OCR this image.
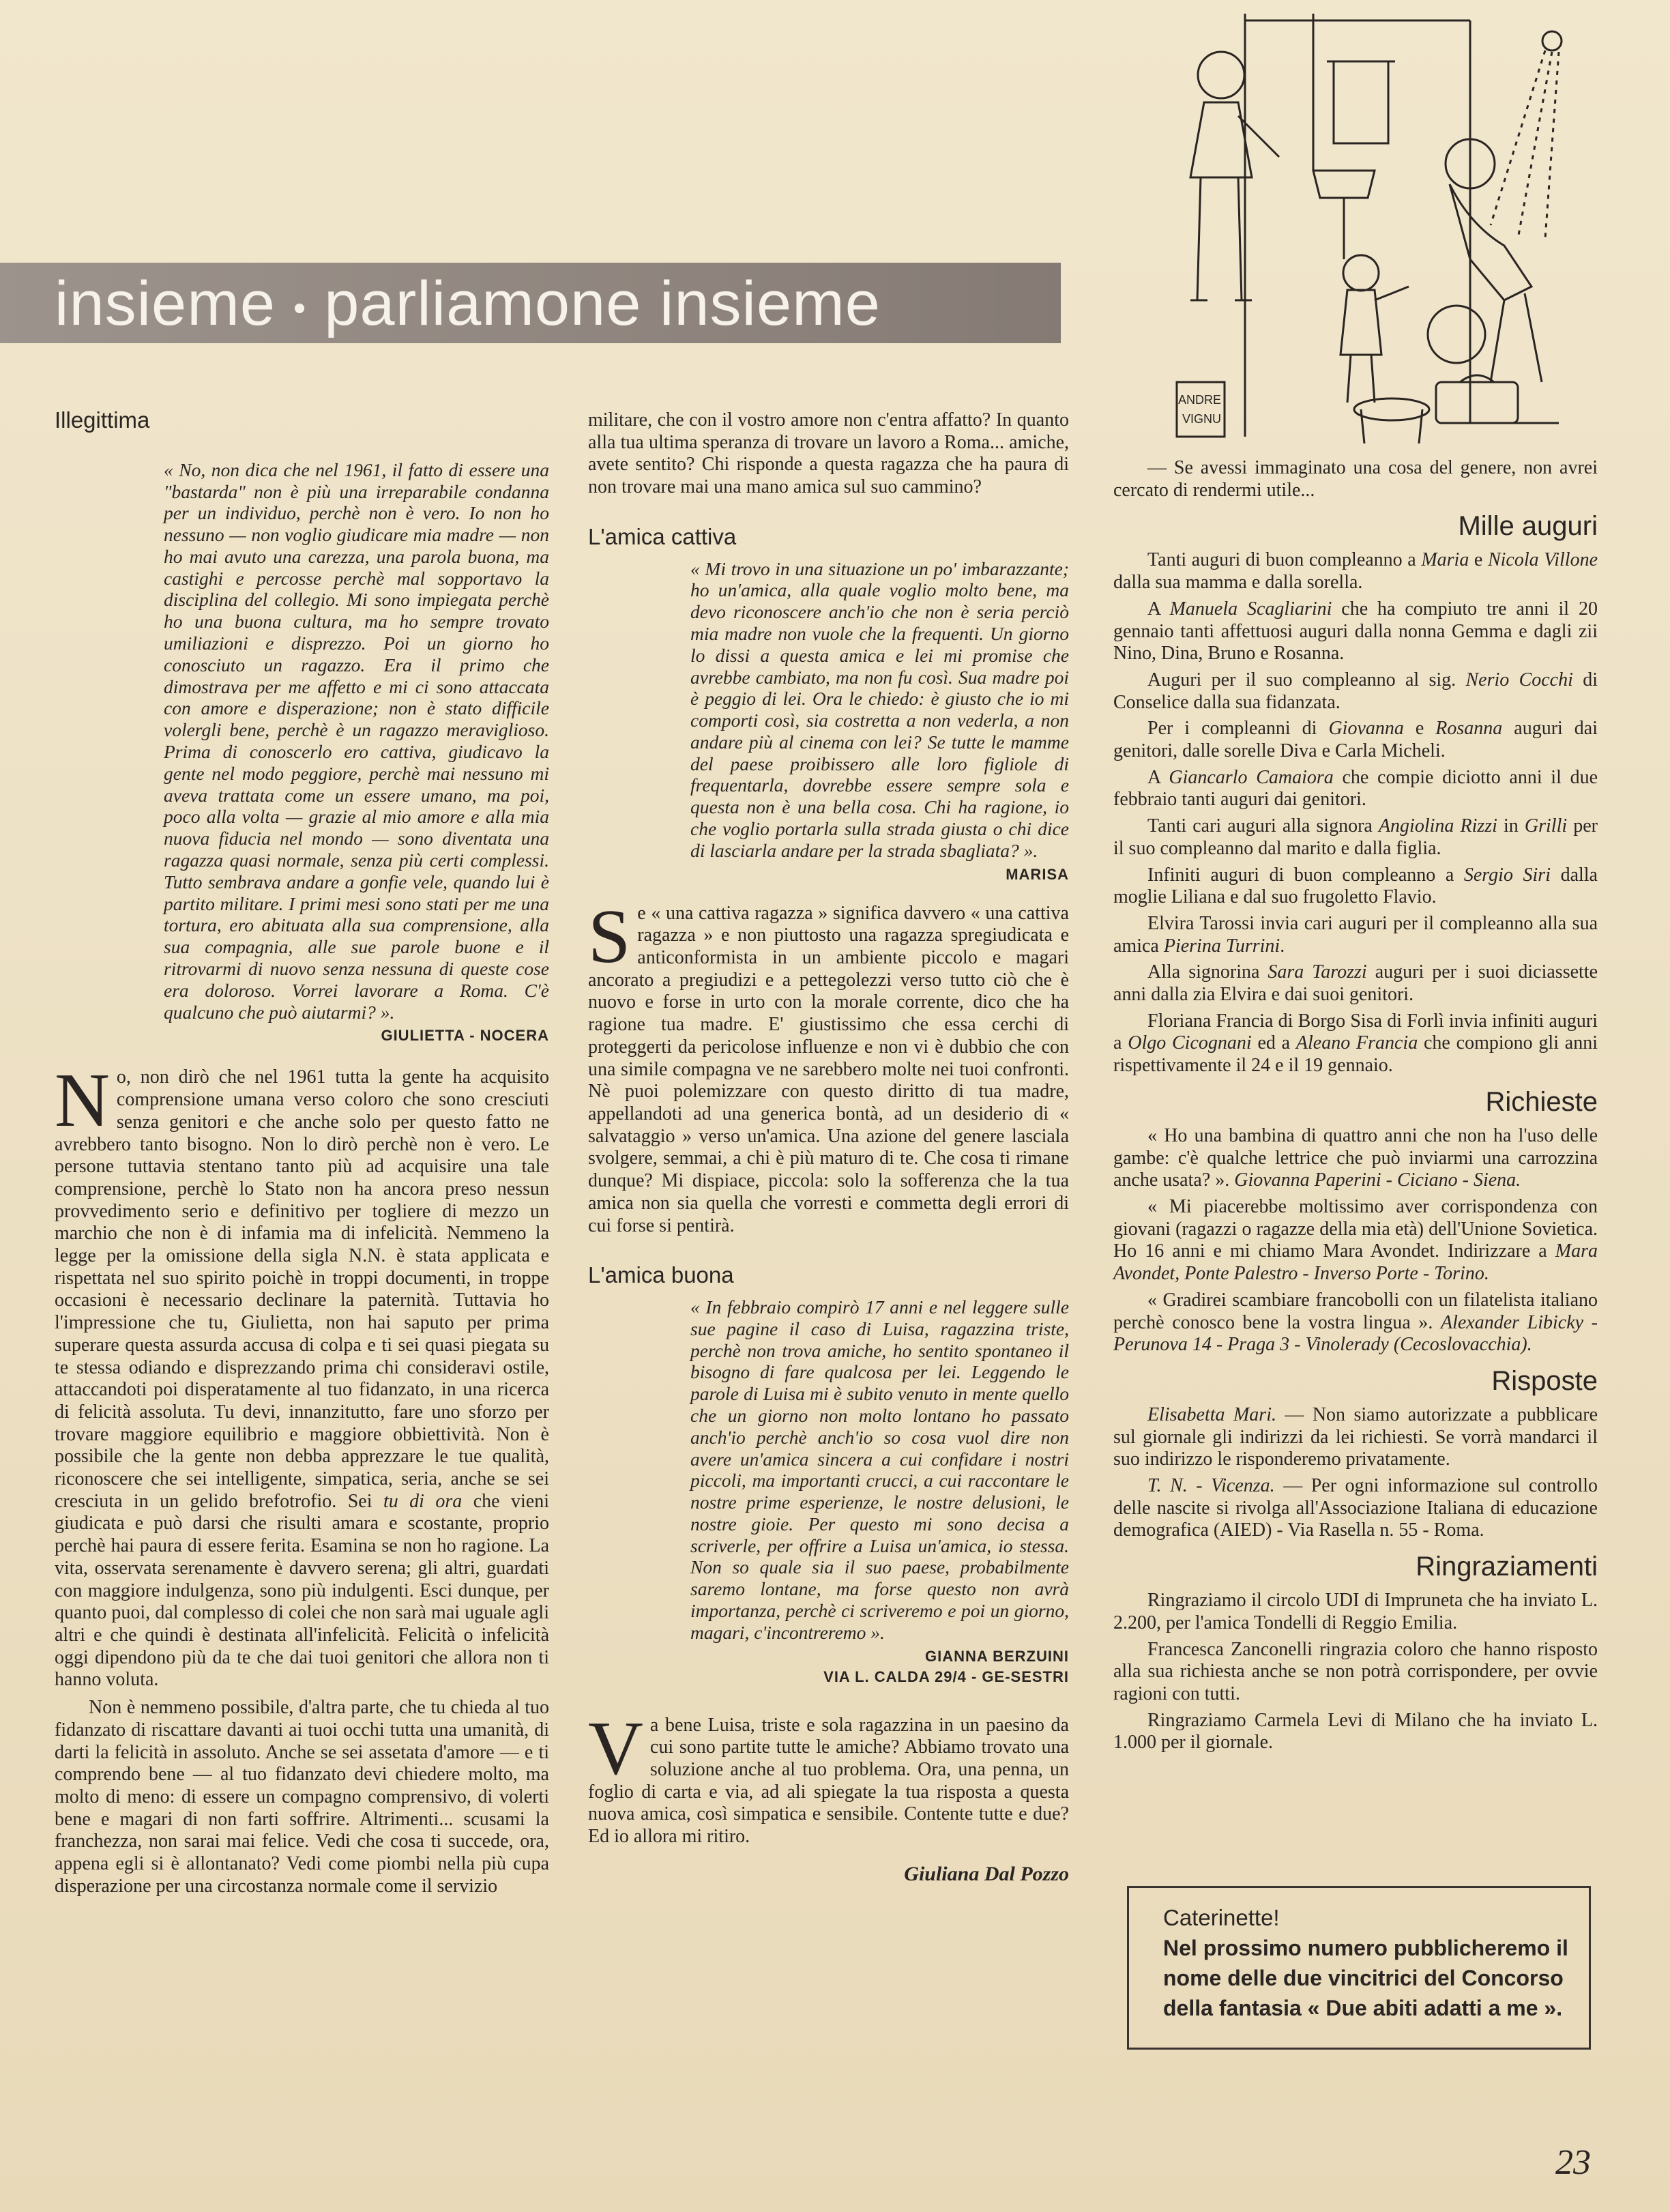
ANDRE
VIGNU
insieme • parliamone insieme
Illegittima
« No, non dica che nel 1961, il fatto di essere una "bastarda" non è più una irreparabile condanna per un individuo, perchè non è vero. Io non ho nessuno — non voglio giudicare mia madre — non ho mai avuto una carezza, una parola buona, ma castighi e percosse perchè mal sopportavo la disciplina del collegio. Mi sono impiegata perchè ho una buona cultura, ma ho sempre trovato umiliazioni e disprezzo. Poi un giorno ho conosciuto un ragazzo. Era il primo che dimostrava per me affetto e mi ci sono attaccata con amore e disperazione; non è stato difficile volergli bene, perchè è un ragazzo meraviglioso. Prima di conoscerlo ero cattiva, giudicavo la gente nel modo peggiore, perchè mai nessuno mi aveva trattata come un essere umano, ma poi, poco alla volta — grazie al mio amore e alla mia nuova fiducia nel mondo — sono diventata una ragazza quasi normale, senza più certi complessi. Tutto sembrava andare a gonfie vele, quando lui è partito militare. I primi mesi sono stati per me una tortura, ero abituata alla sua comprensione, alla sua compagnia, alle sue parole buone e il ritrovarmi di nuovo senza nessuna di queste cose era doloroso. Vorrei lavorare a Roma. C'è qualcuno che può aiutarmi? ».
GIULIETTA - NOCERA
No, non dirò che nel 1961 tutta la gente ha acquisito comprensione umana verso coloro che sono cresciuti senza genitori e che anche solo per questo fatto ne avrebbero tanto bisogno. Non lo dirò perchè non è vero. Le persone tuttavia stentano tanto più ad acquisire una tale comprensione, perchè lo Stato non ha ancora preso nessun provvedimento serio e definitivo per togliere di mezzo un marchio che non è di infamia ma di infelicità. Nemmeno la legge per la omissione della sigla N.N. è stata applicata e rispettata nel suo spirito poichè in troppi documenti, in troppe occasioni è necessario declinare la paternità. Tuttavia ho l'impressione che tu, Giulietta, non hai saputo per prima superare questa assurda accusa di colpa e ti sei quasi piegata su te stessa odiando e disprezzando prima chi consideravi ostile, attaccandoti poi disperatamente al tuo fidanzato, in una ricerca di felicità assoluta. Tu devi, innanzitutto, fare uno sforzo per trovare maggiore equilibrio e maggiore obbiettività. Non è possibile che la gente non debba apprezzare le tue qualità, riconoscere che sei intelligente, simpatica, seria, anche se sei cresciuta in un gelido brefotrofio. Sei tu di ora che vieni giudicata e può darsi che risulti amara e scostante, proprio perchè hai paura di essere ferita. Esamina se non ho ragione. La vita, osservata serenamente è davvero serena; gli altri, guardati con maggiore indulgenza, sono più indulgenti. Esci dunque, per quanto puoi, dal complesso di colei che non sarà mai uguale agli altri e che quindi è destinata all'infelicità. Felicità o infelicità oggi dipendono più da te che dai tuoi genitori che allora non ti hanno voluta.

Non è nemmeno possibile, d'altra parte, che tu chieda al tuo fidanzato di riscattare davanti ai tuoi occhi tutta una umanità, di darti la felicità in assoluto. Anche se sei assetata d'amore — e ti comprendo bene — al tuo fidanzato devi chiedere molto, ma molto di meno: di essere un compagno comprensivo, di volerti bene e magari di non farti soffrire. Altrimenti... scusami la franchezza, non sarai mai felice. Vedi che cosa ti succede, ora, appena egli si è allontanato? Vedi come piombi nella più cupa disperazione per una circostanza normale come il servizio

militare, che con il vostro amore non c'entra affatto? In quanto alla tua ultima speranza di trovare un lavoro a Roma... amiche, avete sentito? Chi risponde a questa ragazza che ha paura di non trovare mai una mano amica sul suo cammino?

L'amica cattiva
« Mi trovo in una situazione un po' imbarazzante; ho un'amica, alla quale voglio molto bene, ma devo riconoscere anch'io che non è seria perciò mia madre non vuole che la frequenti. Un giorno lo dissi a questa amica e lei mi promise che avrebbe cambiato, ma non fu così. Sua madre poi è peggio di lei. Ora le chiedo: è giusto che io mi comporti così, sia costretta a non vederla, a non andare più al cinema con lei? Se tutte le mamme del paese proibissero alle loro figliole di frequentarla, dovrebbe essere sempre sola e questa non è una bella cosa. Chi ha ragione, io che voglio portarla sulla strada giusta o chi dice di lasciarla andare per la strada sbagliata? ».
MARISA
Se « una cattiva ragazza » significa davvero « una cattiva ragazza » e non piuttosto una ragazza spregiudicata e anticonformista in un ambiente piccolo e magari ancorato a pregiudizi e a pettegolezzi verso tutto ciò che è nuovo e forse in urto con la morale corrente, dico che ha ragione tua madre. E' giustissimo che essa cerchi di proteggerti da pericolose influenze e non vi è dubbio che con una simile compagna ve ne sarebbero molte nei tuoi confronti. Nè puoi polemizzare con questo diritto di tua madre, appellandoti ad una generica bontà, ad un desiderio di « salvataggio » verso un'amica. Una azione del genere lasciala svolgere, semmai, a chi è più maturo di te. Che cosa ti rimane dunque? Mi dispiace, piccola: solo la sofferenza che la tua amica non sia quella che vorresti e commetta degli errori di cui forse si pentirà.
L'amica buona
« In febbraio compirò 17 anni e nel leggere sulle sue pagine il caso di Luisa, ragazzina triste, perchè non trova amiche, ho sentito spontaneo il bisogno di fare qualcosa per lei. Leggendo le parole di Luisa mi è subito venuto in mente quello che un giorno non molto lontano ho passato anch'io perchè anch'io so cosa vuol dire non avere un'amica sincera a cui confidare i nostri piccoli, ma importanti crucci, a cui raccontare le nostre prime esperienze, le nostre delusioni, le nostre gioie. Per questo mi sono decisa a scriverle, per offrire a Luisa un'amica, io stessa. Non so quale sia il suo paese, probabilmente saremo lontane, ma forse questo non avrà importanza, perchè ci scriveremo e poi un giorno, magari, c'incontreremo ».
GIANNA BERZUINI
VIA L. CALDA 29/4 - GE-SESTRI
Va bene Luisa, triste e sola ragazzina in un paesino da cui sono partite tutte le amiche? Abbiamo trovato una soluzione anche al tuo problema. Ora, una penna, un foglio di carta e via, ad ali spiegate la tua risposta a questa nuova amica, così simpatica e sensibile. Contente tutte e due? Ed io allora mi ritiro.
Giuliana Dal Pozzo

— Se avessi immaginato una cosa del genere, non avrei cercato di rendermi utile...

Mille auguri

Tanti auguri di buon compleanno a Maria e Nicola Villone dalla sua mamma e dalla sorella.

A Manuela Scagliarini che ha compiuto tre anni il 20 gennaio tanti affettuosi auguri dalla nonna Gemma e dagli zii Nino, Dina, Bruno e Rosanna.

Auguri per il suo compleanno al sig. Nerio Cocchi di Conselice dalla sua fidanzata.

Per i compleanni di Giovanna e Rosanna auguri dai genitori, dalle sorelle Diva e Carla Micheli.

A Giancarlo Camaiora che compie diciotto anni il due febbraio tanti auguri dai genitori.

Tanti cari auguri alla signora Angiolina Rizzi in Grilli per il suo compleanno dal marito e dalla figlia.

Infiniti auguri di buon compleanno a Sergio Siri dalla moglie Liliana e dal suo frugoletto Flavio.

Elvira Tarossi invia cari auguri per il compleanno alla sua amica Pierina Turrini.

Alla signorina Sara Tarozzi auguri per i suoi diciassette anni dalla zia Elvira e dai suoi genitori.

Floriana Francia di Borgo Sisa di Forlì invia infiniti auguri a Olgo Cicognani ed a Aleano Francia che compiono gli anni rispettivamente il 24 e il 19 gennaio.

Richieste

« Ho una bambina di quattro anni che non ha l'uso delle gambe: c'è qualche lettrice che può inviarmi una carrozzina anche usata? ». Giovanna Paperini - Ciciano - Siena.

« Mi piacerebbe moltissimo aver corrispondenza con giovani (ragazzi o ragazze della mia età) dell'Unione Sovietica. Ho 16 anni e mi chiamo Mara Avondet. Indirizzare a Mara Avondet, Ponte Palestro - Inverso Porte - Torino.

« Gradirei scambiare francobolli con un filatelista italiano perchè conosco bene la vostra lingua ». Alexander Libicky - Perunova 14 - Praga 3 - Vinolerady (Cecoslovacchia).

Risposte

Elisabetta Mari. — Non siamo autorizzate a pubblicare sul giornale gli indirizzi da lei richiesti. Se vorrà mandarci il suo indirizzo le risponderemo privatamente.

T. N. - Vicenza. — Per ogni informazione sul controllo delle nascite si rivolga all'Associazione Italiana di educazione demografica (AIED) - Via Rasella n. 55 - Roma.

Ringraziamenti

Ringraziamo il circolo UDI di Impruneta che ha inviato L. 2.200, per l'amica Tondelli di Reggio Emilia.

Francesca Zanconelli ringrazia coloro che hanno risposto alla sua richiesta anche se non potrà corrispondere, per ovvie ragioni con tutti.

Ringraziamo Carmela Levi di Milano che ha inviato L. 1.000 per il giornale.

Caterinette!
Nel prossimo numero pubblicheremo il nome delle due vincitrici del Concorso della fantasia « Due abiti adatti a me ».
23
